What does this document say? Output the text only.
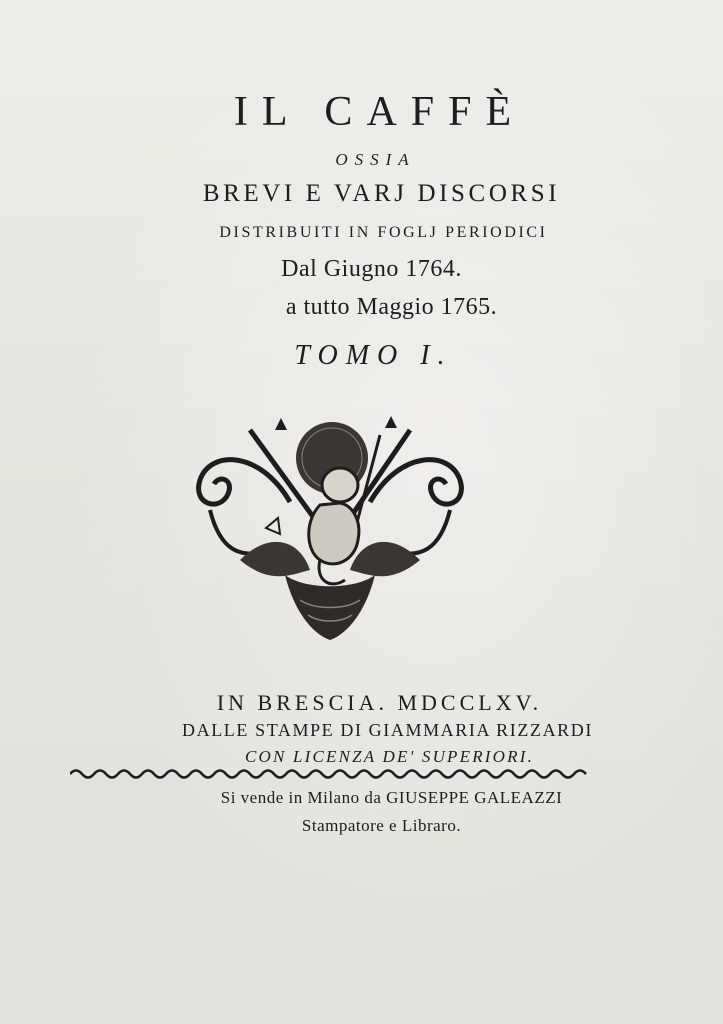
IL CAFFÈ
OSSIA
BREVI E VARJ DISCORSI
DISTRIBUITI IN FOGLJ PERIODICI
Dal Giugno 1764.
a tutto Maggio 1765.
TOMO I.
IN BRESCIA. MDCCLXV.
DALLE STAMPE DI GIAMMARIA RIZZARDI
CON LICENZA DE' SUPERIORI.
Si vende in Milano da GIUSEPPE GALEAZZI
Stampatore e Libraro.
